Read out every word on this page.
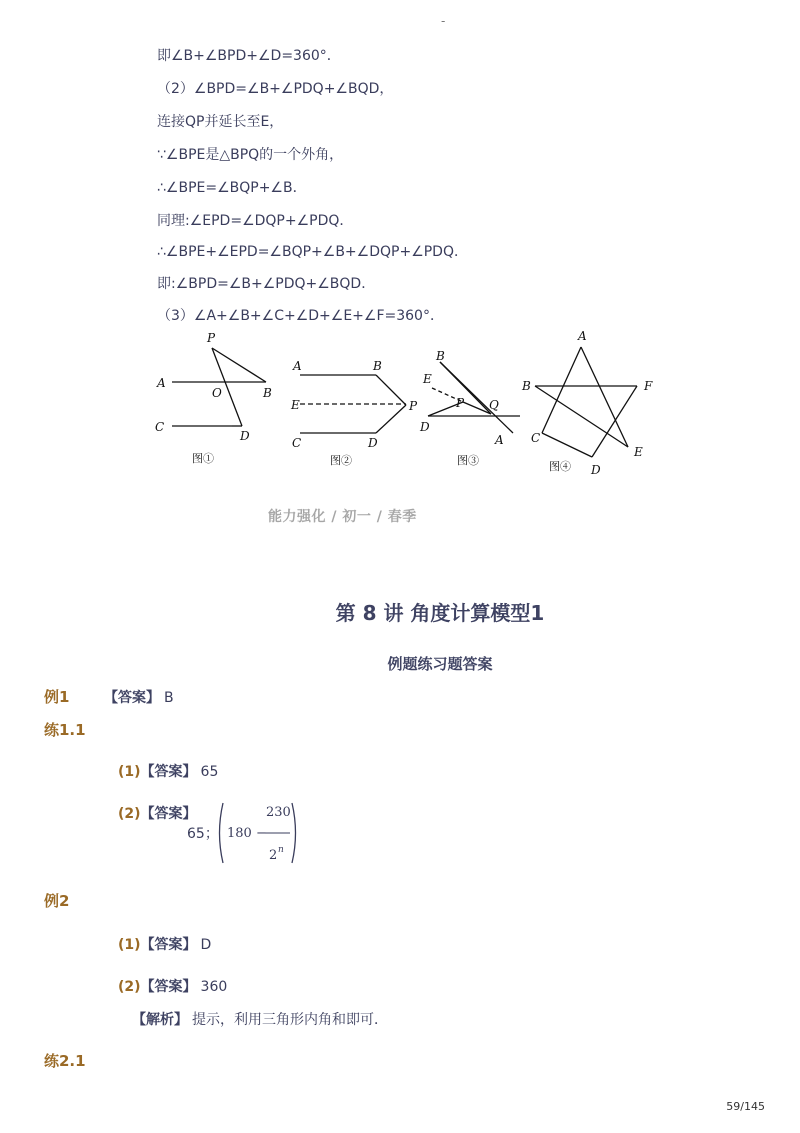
-
即∠B+∠BPD+∠D=360°．
（2）∠BPD=∠B+∠PDQ+∠BQD，
连接QP并延长至E，
∵∠BPE是△BPQ的一个外角，
∴∠BPE=∠BQP+∠B．
同理:∠EPD=∠DQP+∠PDQ．
∴∠BPE+∠EPD=∠BQP+∠B+∠DQP+∠PDQ．
即:∠BPD=∠B+∠PDQ+∠BQD．
（3）∠A+∠B+∠C+∠D+∠E+∠F=360°．
P
A
O	B
C
D
图①
A	B
E	P
C	D
图②
B
E
P Q
D
A
图③
A
B	F
C
D
E
图④
能力强化 / 初一 / 春季
第 8 讲 角度计算模型1
例题练习题答案
例1 【答案】 B
练1.1
(1)【答案】 65
(2)【答案】
65； 180 −
230
2 n
例2
(1)【答案】 D
(2)【答案】 360
【解析】 提示，利用三角形内角和即可．
练2.1
59/145
